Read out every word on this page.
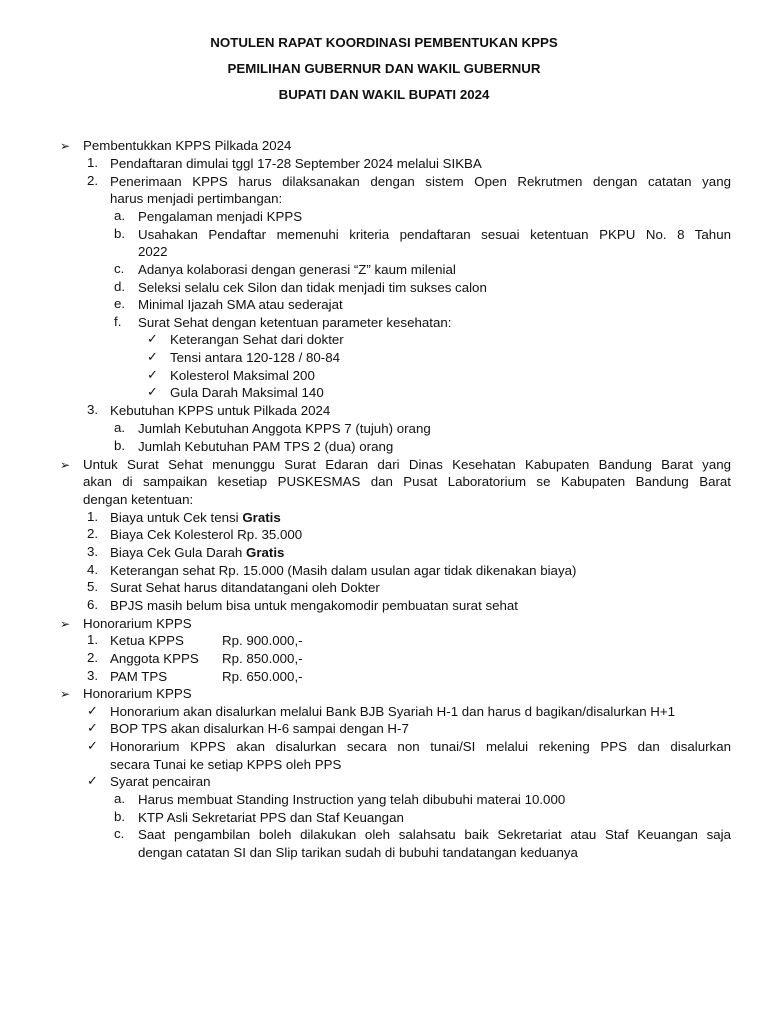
NOTULEN RAPAT KOORDINASI PEMBENTUKAN KPPS
PEMILIHAN GUBERNUR DAN WAKIL GUBERNUR
BUPATI DAN WAKIL BUPATI 2024
➢ Pembentukkan KPPS Pilkada 2024
1. Pendaftaran dimulai tggl 17-28 September 2024 melalui SIKBA
2. Penerimaan KPPS harus dilaksanakan dengan sistem Open Rekrutmen dengan catatan yang
harus menjadi pertimbangan:
a. Pengalaman menjadi KPPS
b. Usahakan Pendaftar memenuhi kriteria pendaftaran sesuai ketentuan PKPU No. 8 Tahun
2022
c. Adanya kolaborasi dengan generasi “Z” kaum milenial
d. Seleksi selalu cek Silon dan tidak menjadi tim sukses calon
e. Minimal Ijazah SMA atau sederajat
f. Surat Sehat dengan ketentuan parameter kesehatan:
✓ Keterangan Sehat dari dokter
✓ Tensi antara 120-128 / 80-84
✓ Kolesterol Maksimal 200
✓ Gula Darah Maksimal 140
3. Kebutuhan KPPS untuk Pilkada 2024
a. Jumlah Kebutuhan Anggota KPPS 7 (tujuh) orang
b. Jumlah Kebutuhan PAM TPS 2 (dua) orang
➢ Untuk Surat Sehat menunggu Surat Edaran dari Dinas Kesehatan Kabupaten Bandung Barat yang
akan di sampaikan kesetiap PUSKESMAS dan Pusat Laboratorium se Kabupaten Bandung Barat
dengan ketentuan:
1. Biaya untuk Cek tensi Gratis
2. Biaya Cek Kolesterol Rp. 35.000
3. Biaya Cek Gula Darah Gratis
4. Keterangan sehat Rp. 15.000 (Masih dalam usulan agar tidak dikenakan biaya)
5. Surat Sehat harus ditandatangani oleh Dokter
6. BPJS masih belum bisa untuk mengakomodir pembuatan surat sehat
➢ Honorarium KPPS
1. Ketua KPPS	Rp. 900.000,-
2. Anggota KPPS Rp. 850.000,-
3. PAM TPS	Rp. 650.000,-
➢ Honorarium KPPS
✓ Honorarium akan disalurkan melalui Bank BJB Syariah H-1 dan harus d bagikan/disalurkan H+1
✓ BOP TPS akan disalurkan H-6 sampai dengan H-7
✓ Honorarium KPPS akan disalurkan secara non tunai/SI melalui rekening PPS dan disalurkan
secara Tunai ke setiap KPPS oleh PPS
✓ Syarat pencairan
a. Harus membuat Standing Instruction yang telah dibubuhi materai 10.000
b. KTP Asli Sekretariat PPS dan Staf Keuangan
c. Saat pengambilan boleh dilakukan oleh salahsatu baik Sekretariat atau Staf Keuangan saja
dengan catatan SI dan Slip tarikan sudah di bubuhi tandatangan keduanya
